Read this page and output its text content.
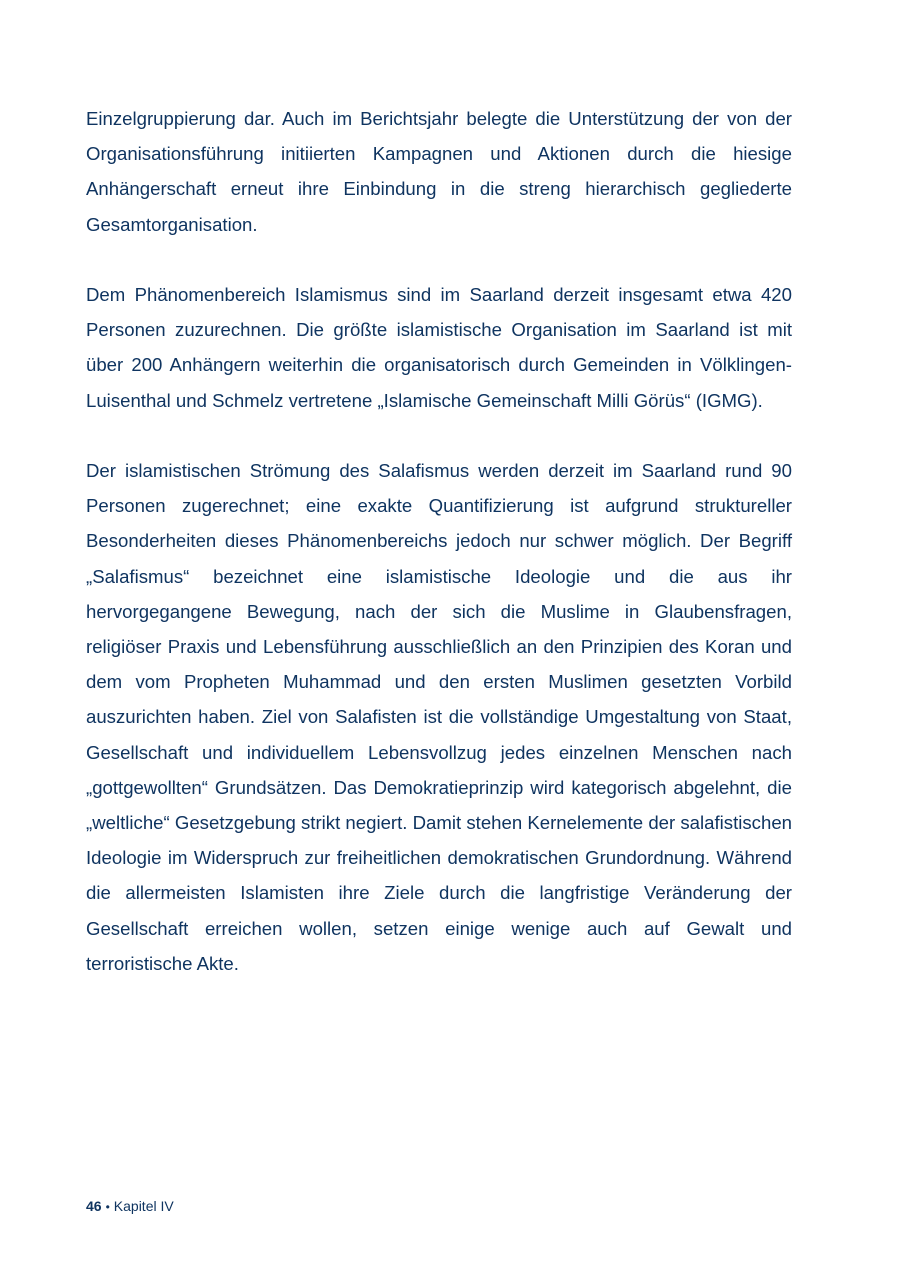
Einzelgruppierung dar. Auch im Berichtsjahr belegte die Unterstützung der von der Organisationsführung initiierten Kampagnen und Aktionen durch die hiesige Anhängerschaft erneut ihre Einbindung in die streng hierarchisch gegliederte Gesamtorganisation.

Dem Phänomenbereich Islamismus sind im Saarland derzeit insgesamt etwa 420 Personen zuzurechnen. Die größte islamistische Organisation im Saarland ist mit über 200 Anhängern weiterhin die organisatorisch durch Gemeinden in Völklingen-Luisenthal und Schmelz vertretene „Islamische Gemeinschaft Milli Görüs“ (IGMG).

Der islamistischen Strömung des Salafismus werden derzeit im Saarland rund 90 Personen zugerechnet; eine exakte Quantifizierung ist aufgrund struktureller Besonderheiten dieses Phänomenbereichs jedoch nur schwer möglich. Der Begriff „Salafismus“ bezeichnet eine islamistische Ideologie und die aus ihr hervorgegangene Bewegung, nach der sich die Muslime in Glaubensfragen, religiöser Praxis und Lebensführung ausschließlich an den Prinzipien des Koran und dem vom Propheten Muhammad und den ersten Muslimen gesetzten Vorbild auszurichten haben. Ziel von Salafisten ist die vollständige Umgestaltung von Staat, Gesellschaft und individuellem Lebensvollzug jedes einzelnen Menschen nach „gottgewollten“ Grundsätzen. Das Demokratieprinzip wird kategorisch abgelehnt, die „weltliche“ Gesetzgebung strikt negiert. Damit stehen Kernelemente der salafistischen Ideologie im Widerspruch zur freiheitlichen demokratischen Grundordnung. Während die allermeisten Islamisten ihre Ziele durch die langfristige Veränderung der Gesellschaft erreichen wollen, setzen einige wenige auch auf Gewalt und terroristische Akte.

46 • Kapitel IV
